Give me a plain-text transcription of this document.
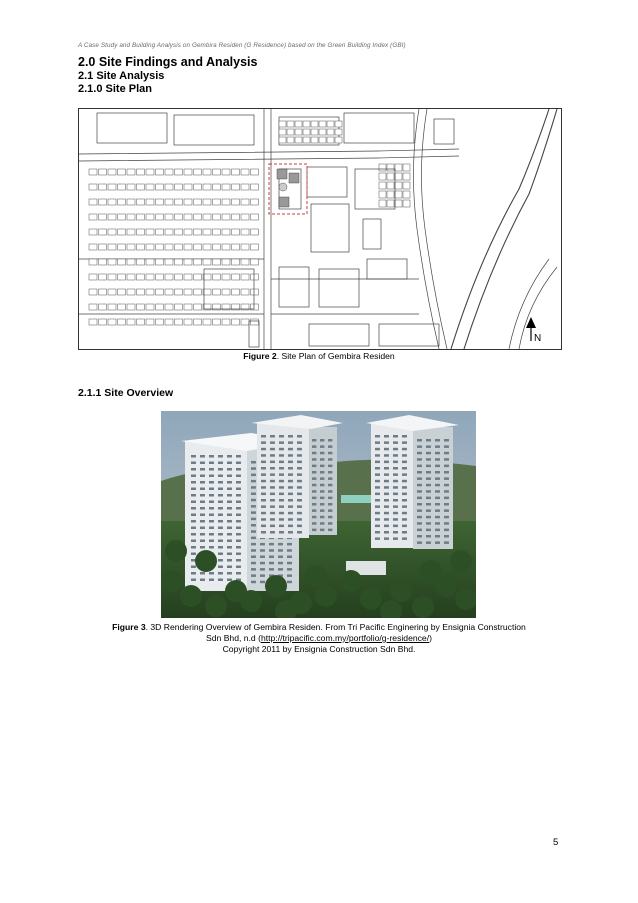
A Case Study and Building Analysis on Gembira Residen (G Residence) based on the Green Building Index (GBI)
2.0 Site Findings and Analysis
2.1 Site Analysis
2.1.0 Site Plan
N
Figure 2. Site Plan of Gembira Residen
2.1.1 Site Overview
Figure 3. 3D Rendering Overview of Gembira Residen. From Tri Pacific Enginering by Ensignia Construction
Sdn Bhd, n.d (http://tripacific.com.my/portfolio/g-residence/)
Copyright 2011 by Ensignia Construction Sdn Bhd.
5
